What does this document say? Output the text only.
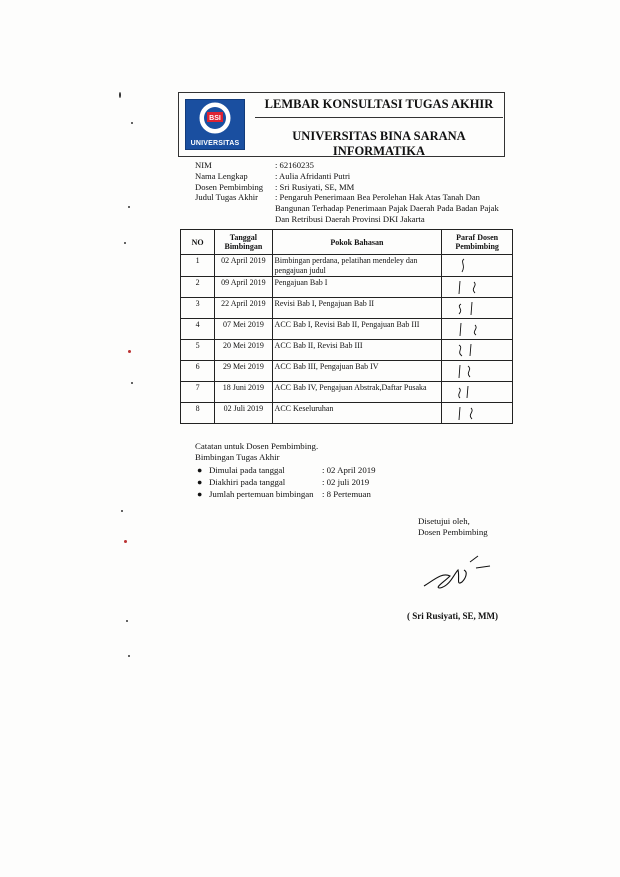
BSI
UNIVERSITAS
LEMBAR KONSULTASI TUGAS AKHIR
UNIVERSITAS BINA SARANA INFORMATIKA
NIM	: 62160235
Nama Lengkap	: Aulia Afridanti Putri
Dosen Pembimbing	: Sri Rusiyati, SE, MM
Judul Tugas Akhir	: Pengaruh Penerimaan Bea Perolehan Hak Atas Tanah Dan Bangunan Terhadap Penerimaan Pajak Daerah Pada Badan Pajak Dan Retribusi Daerah Provinsi DKI Jakarta
NO	Tanggal Bimbingan	Pokok Bahasan	Paraf Dosen Pembimbing
1	02 April 2019	Bimbingan perdana, pelatihan mendeley dan pengajuan judul	

2	09 April 2019	Pengajuan Bab I	

3	22 April 2019	Revisi Bab I, Pengajuan Bab II	

4	07 Mei 2019	ACC Bab I, Revisi Bab II, Pengajuan Bab III	

5	20 Mei 2019	ACC Bab II, Revisi Bab III	

6	29 Mei 2019	ACC Bab III, Pengajuan Bab IV	

7	18 Juni 2019	ACC Bab IV, Pengajuan Abstrak,Daftar Pusaka	

8	02 Juli 2019	ACC Keseluruhan	
Catatan untuk Dosen Pembimbing.
Bimbingan Tugas Akhir
● Dimulai pada tanggal	: 02 April 2019
● Diakhiri pada tanggal	: 02 juli 2019
● Jumlah pertemuan bimbingan : 8 Pertemuan
Disetujui oleh,
Dosen Pembimbing
( Sri Rusiyati, SE, MM)
